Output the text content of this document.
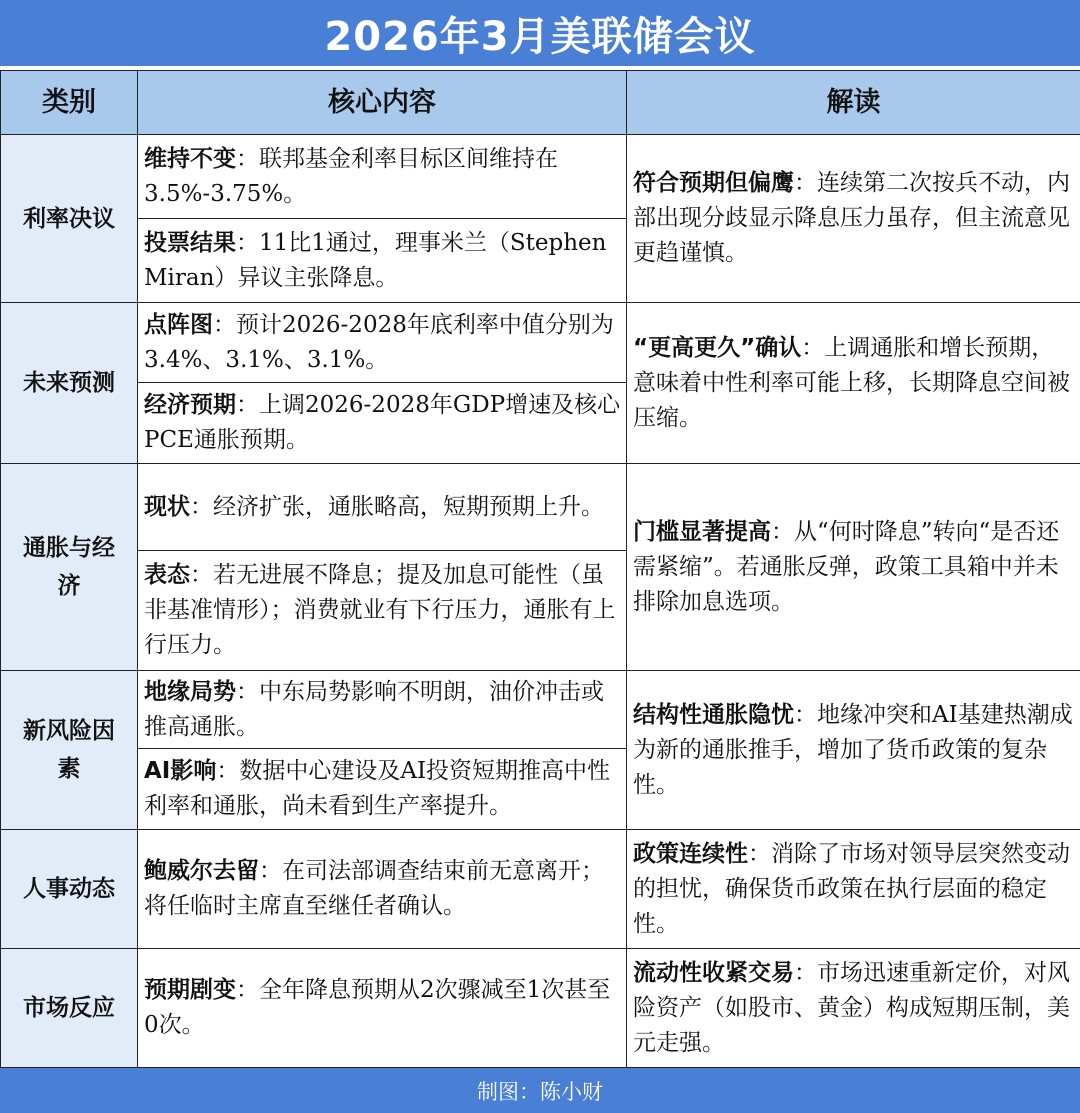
2026年3月美联储会议
类别	核心内容	解读
利率决议
维持不变：联邦基金利率目标区间维持在3.5%-3.75%。
投票结果：11比1通过，理事米兰（Stephen Miran）异议主张降息。
符合预期但偏鹰：连续第二次按兵不动，内部出现分歧显示降息压力虽存，但主流意见更趋谨慎。
未来预测
点阵图：预计2026-2028年底利率中值分别为3.4%、3.1%、3.1%。
经济预期：上调2026-2028年GDP增速及核心PCE通胀预期。
“更高更久”确认：上调通胀和增长预期，意味着中性利率可能上移，长期降息空间被压缩。
通胀与经济
现状：经济扩张，通胀略高，短期预期上升。
表态：若无进展不降息；提及加息可能性（虽非基准情形）；消费就业有下行压力，通胀有上行压力。
门槛显著提高：从“何时降息”转向“是否还需紧缩”。若通胀反弹，政策工具箱中并未排除加息选项。
新风险因素
地缘局势：中东局势影响不明朗，油价冲击或推高通胀。
AI影响：数据中心建设及AI投资短期推高中性利率和通胀，尚未看到生产率提升。
结构性通胀隐忧：地缘冲突和AI基建热潮成为新的通胀推手，增加了货币政策的复杂性。
人事动态
鲍威尔去留：在司法部调查结束前无意离开；将任临时主席直至继任者确认。
政策连续性：消除了市场对领导层突然变动的担忧，确保货币政策在执行层面的稳定性。
市场反应
预期剧变：全年降息预期从2次骤减至1次甚至0次。
流动性收紧交易：市场迅速重新定价，对风险资产（如股市、黄金）构成短期压制，美元走强。
制图：陈小财
